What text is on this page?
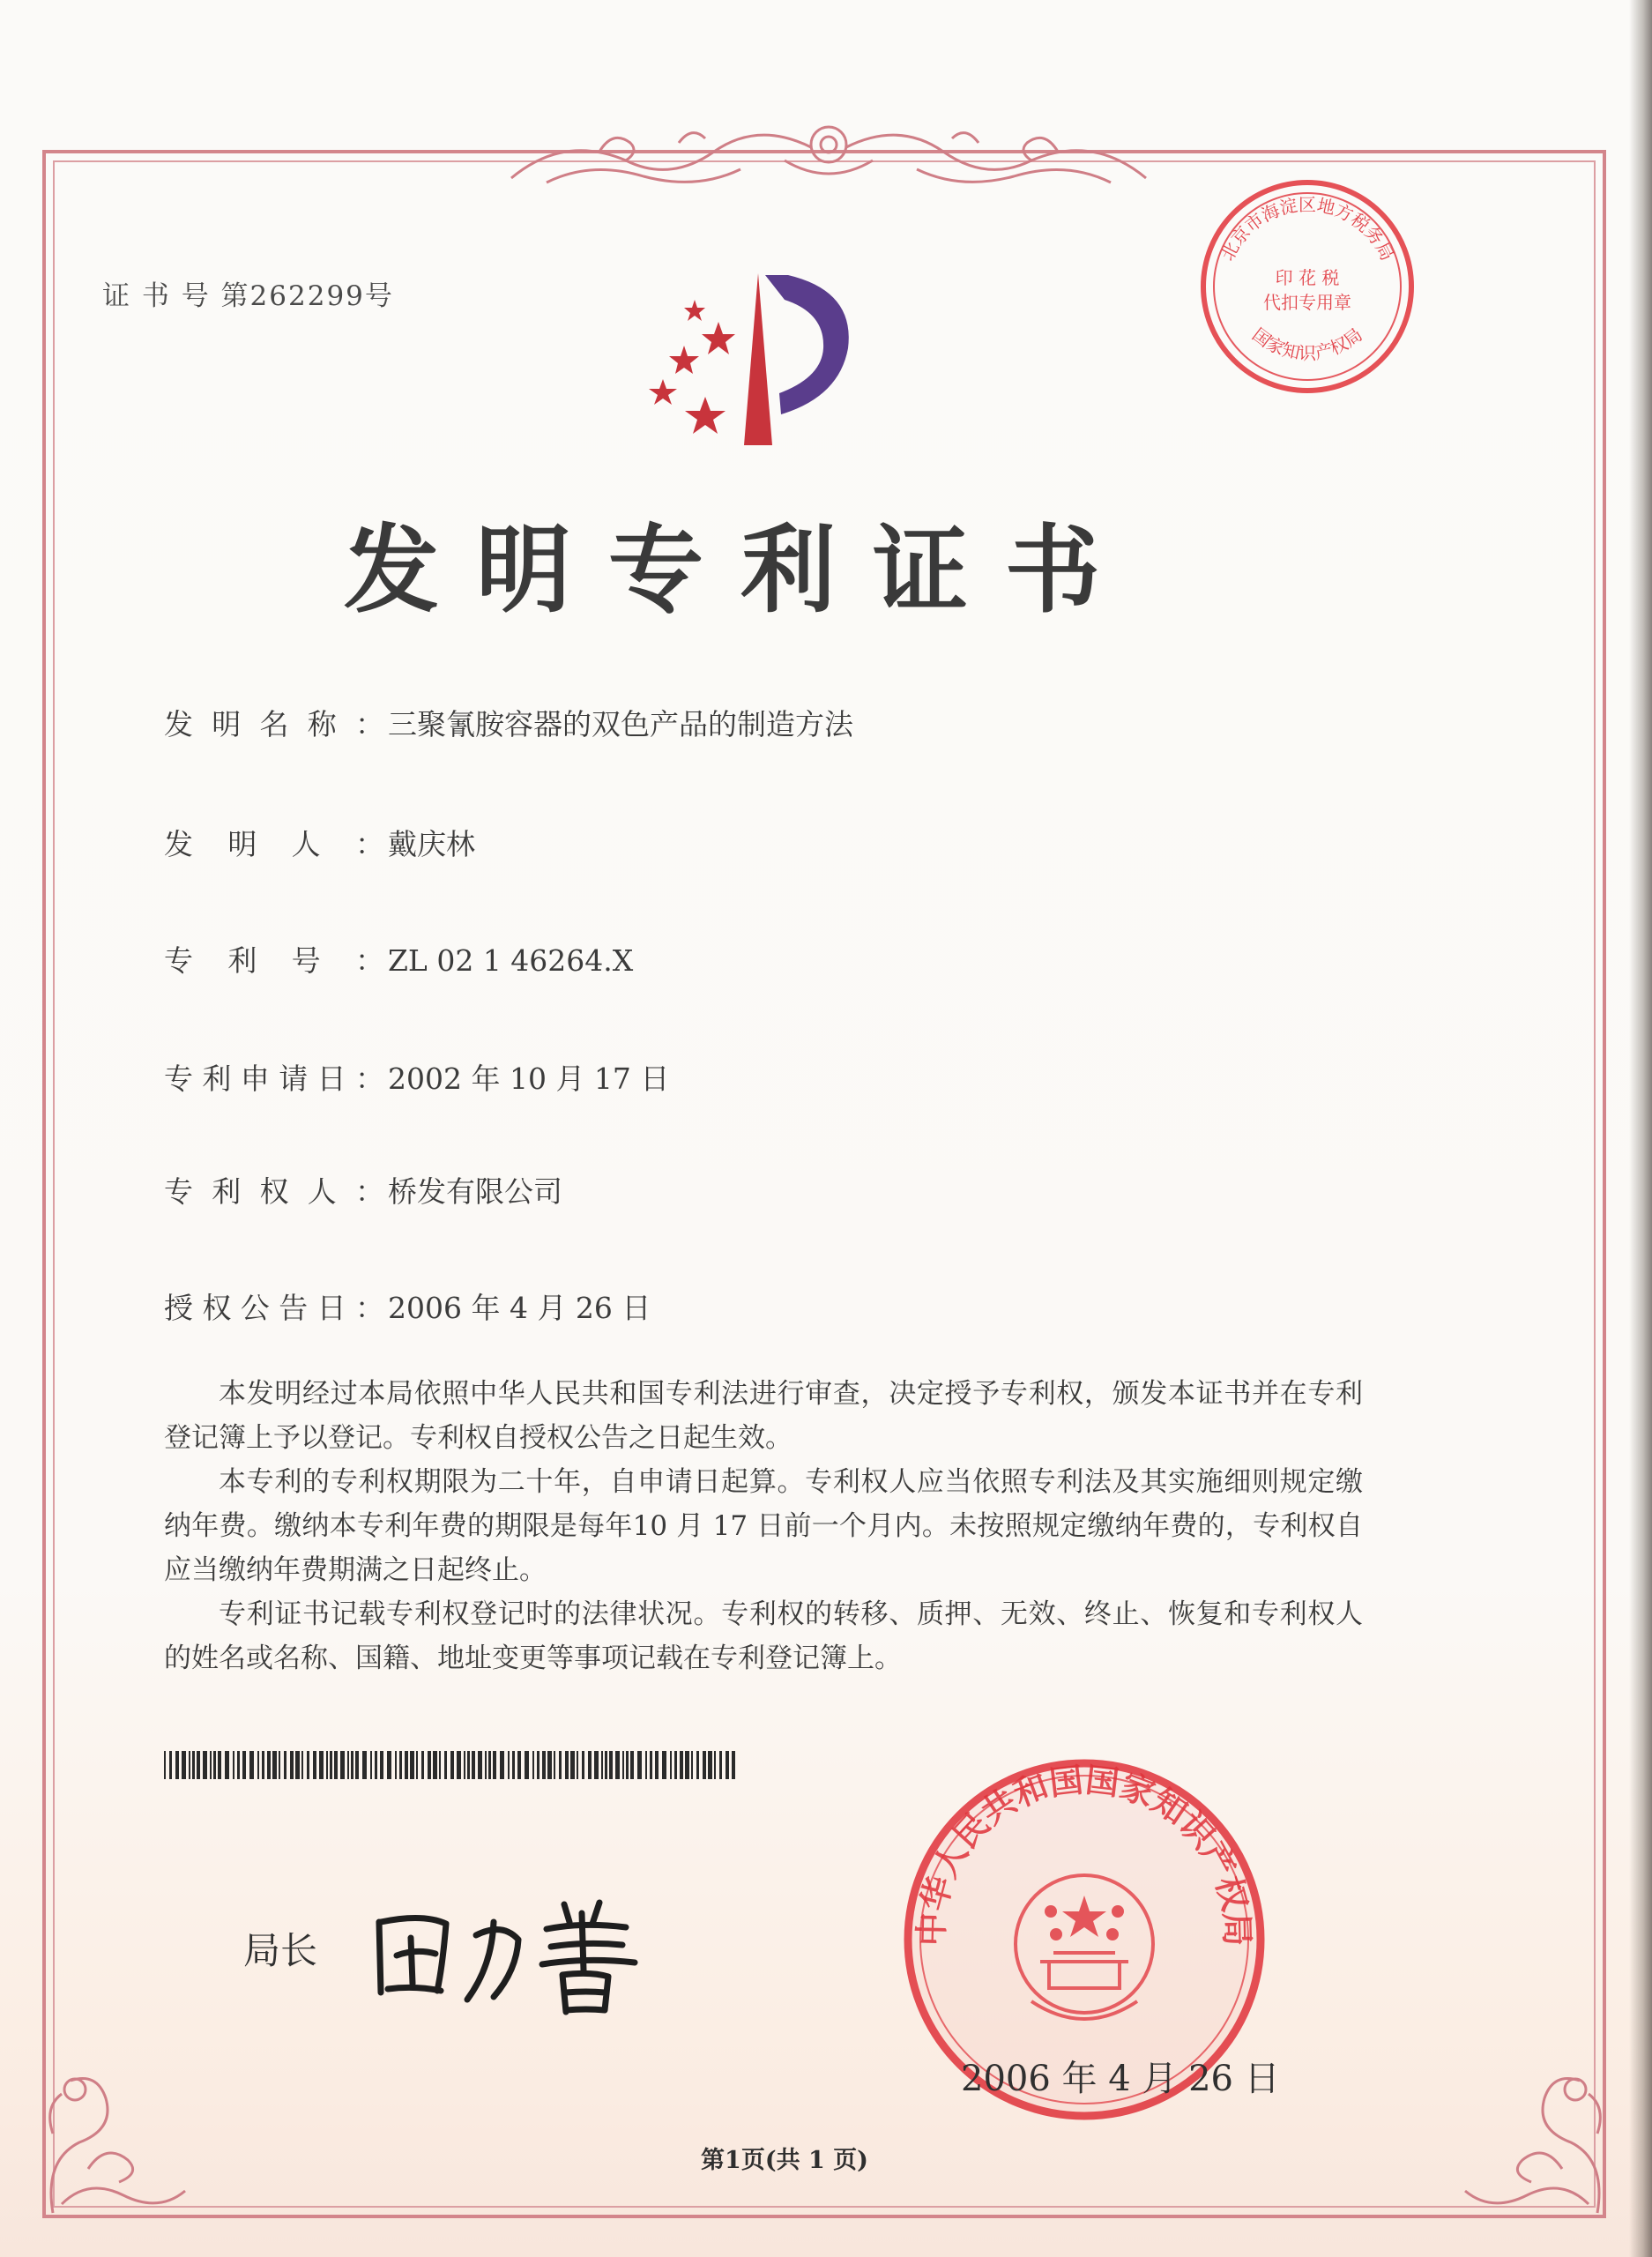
证 书 号 第262299号
北京市海淀区地方税务局
国家知识产权局
印 花 税
代扣专用章
发明专利证书
发明名称： 三聚氰胺容器的双色产品的制造方法
发明人： 戴庆林
专利号： ZL 02 1 46264.X
专利申请日： 2002 年 10 月 17 日
专利权人： 桥发有限公司
授权公告日： 2006 年 4 月 26 日

本发明经过本局依照中华人民共和国专利法进行审查，决定授予专利权，颁发本证书并在专利登记簿上予以登记。专利权自授权公告之日起生效。

本专利的专利权期限为二十年，自申请日起算。专利权人应当依照专利法及其实施细则规定缴纳年费。缴纳本专利年费的期限是每年10 月 17 日前一个月内。未按照规定缴纳年费的，专利权自应当缴纳年费期满之日起终止。

专利证书记载专利权登记时的法律状况。专利权的转移、质押、无效、终止、恢复和专利权人的姓名或名称、国籍、地址变更等事项记载在专利登记簿上。

局长	中华人民共和国国家知识产权局
2006 年 4 月 26 日
第1页(共 1 页)
